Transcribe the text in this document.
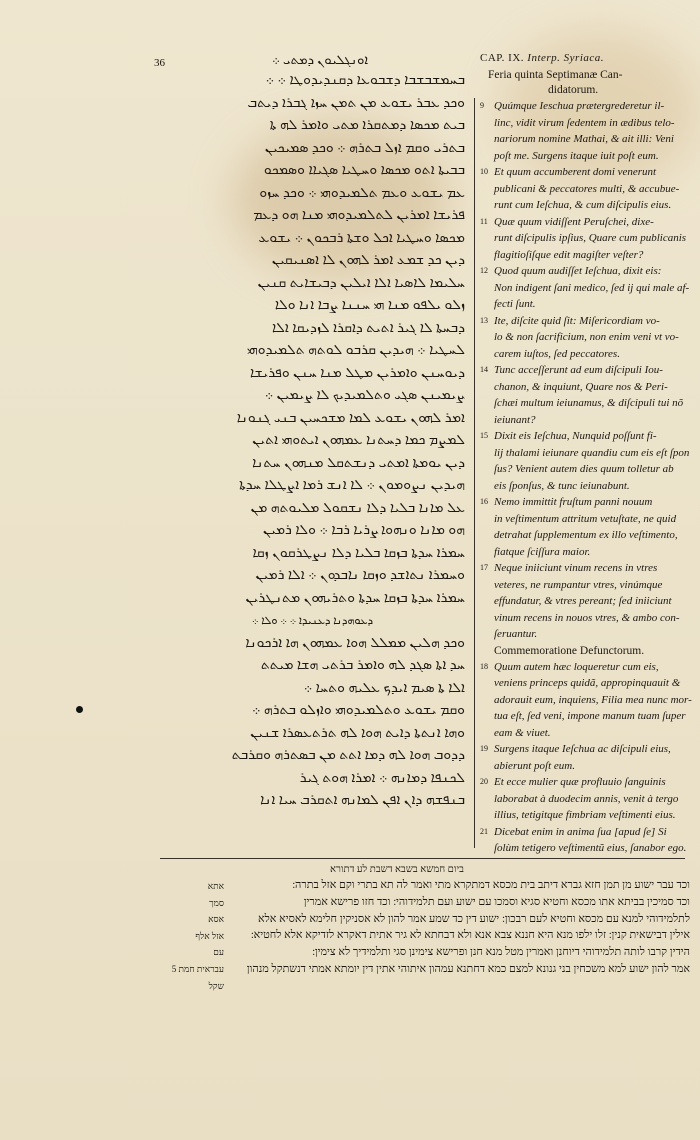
36	ܐܘܢܓܠܝܘܢ ܕܡܬܝ ܀
ܒܚܡܫܒܫܒܐ ܕܫܒܘܥܐ ܕܩܢܕܝܕܘܛܐ ܀ ܀
ܘܟܕ ܥܒܪ ܝܫܘܥ ܡܢ ܬܡܢ ܚܙܐ ܓܒܪܐ ܕܝܬܒ
ܒܝܬ ܡܟܣܐ ܕܡܬܩܪܐ ܡܬܝ ܘܐܡܪ ܠܗ ܬܐ
ܒܬܪܝ ܘܩܡ ܐܙܠ ܒܬܪܗ ܀ ܘܟܕ ܣܡܝܟܝܢ
ܒܒܝܬܐ ܐܬܘ ܡܟܣܐ ܘܚܛܝܐ ܣܓܝܐܐ ܘܣܡܟܘ
ܥܡ ܝܫܘܥ ܘܥܡ ܬܠܡܝܕܘܗܝ ܀ ܘܟܕ ܚܙܘ
ܦܪܝܫܐ ܐܡܪܝܢ ܠܬܠܡܝܕܘܗܝ ܡܢܐ ܗܘ ܕܥܡ
ܡܟܣܐ ܘܚܛܝܐ ܐܟܠ ܘܫܬܐ ܪܒܟܘܢ ܀ ܝܫܘܥ
ܕܝܢ ܟܕ ܫܡܥ ܐܡܪ ܠܗܘܢ ܠܐ ܐܣܢܝܩܝܢ
ܚܠܝܡܐ ܠܐܣܝܐ ܐܠܐ ܐܝܠܝܢ ܕܒܝܫܐܝܬ ܩܢܝܢ
ܙܠܘ ܝܠܦܘ ܡܢܐ ܗܝ ܚܢܢܐ ܨܒܐ ܐܢܐ ܘܠܐ
ܕܒܚܬܐ ܠܐ ܓܝܪ ܐܬܝܬ ܕܐܩܪܐ ܠܙܕܝܩܐ ܐܠܐ
ܠܚܛܝܐ ܀ ܗܝܕܝܢ ܩܪܒܘ ܠܘܬܗ ܬܠܡܝܕܘܗܝ
ܕܝܘܚܢܢ ܘܐܡܪܝܢ ܡܛܠ ܡܢܐ ܚܢܢ ܘܦܪܝܫܐ
ܨܝܡܝܢܢ ܣܓܝ ܘܬܠܡܝܕܝܟ ܠܐ ܨܝܡܝܢ ܀
ܐܡܪ ܠܗܘܢ ܝܫܘܥ ܠܡܐ ܡܫܟܚܝܢ ܒܢܝ ܓܢܘܢܐ
ܠܡܨܡ ܟܡܐ ܕܚܬܢܐ ܥܡܗܘܢ ܐܝܬܘܗܝ ܐܬܝܢ
ܕܝܢ ܝܘܡܬܐ ܐܡܬܝ ܕܢܫܬܩܠ ܡܢܗܘܢ ܚܬܢܐ
ܗܝܕܝܢ ܢܨܘܡܘܢ ܀ ܠܐ ܐܢܫ ܪܡܐ ܐܨܛܠܐ ܚܕܬܐ
ܥܠ ܡܐܢܐ ܒܠܝܐ ܕܠܐ ܢܫܩܘܠ ܡܠܝܘܬܗ ܡܢ
ܗܘ ܡܐܢܐ ܘܢܗܘܐ ܨܪܝܐ ܪܒܐ ܀ ܘܠܐ ܪܡܝܢ
ܚܡܪܐ ܚܕܬܐ ܒܙܩܐ ܒܠܝܐ ܕܠܐ ܢܨܛܪܩܘܢ ܙܩܐ
ܘܚܡܪܐ ܢܬܐܫܕ ܘܙܩܐ ܢܐܒܕܘܢ ܀ ܐܠܐ ܪܡܝܢ
ܚܡܪܐ ܚܕܬܐ ܒܙܩܐ ܚܕܬܐ ܘܬܪܝܗܘܢ ܡܬܢܛܪܝܢ
ܕܥܘܗܕܢܐ ܕܥܢܝܕܐ ܀ ܀ ܘܠܐ ܀
ܘܟܕ ܗܠܝܢ ܡܡܠܠ ܗܘܐ ܥܡܗܘܢ ܗܐ ܐܪܟܘܢܐ
ܚܕ ܐܬܐ ܣܓܕ ܠܗ ܘܐܡܪ ܒܪܬܝ ܗܫܐ ܡܝܬܬ
ܐܠܐ ܬܐ ܣܝܡ ܐܝܕܟ ܥܠܝܗ ܘܬܚܐ ܀
ܘܩܡ ܝܫܘܥ ܘܬܠܡܝܕܘܗܝ ܘܐܙܠܘ ܒܬܪܗ ܀
ܘܗܐ ܐܢܬܬܐ ܕܐܝܬ ܗܘܐ ܠܗ ܬܪܬܥܣܪܐ ܫܢܝܢ
ܕܕܘܒ ܗܘܐ ܠܗ ܕܡܐ ܐܬܬ ܡܢ ܒܣܬܪܗ ܘܩܪܒܬ
ܠܟܢܦܐ ܕܡܐܢܗ ܀ ܐܡܪܐ ܗܘܬ ܓܝܪ
ܒܢܦܫܗ ܕܐܢ ܐܦܢ ܠܡܐܢܗ ܐܬܩܪܒ ܚܝܐ ܐܢܐ
CAP. IX. Interp. Syriaca.
Feria quinta Septimanæ Can-
didatorum.
9 Quúmque Ieschua prætergrederetur il-
linc, vidit virum ſedentem in ædibus telo-
nariorum nomine Mathai, & ait illi: Veni
poſt me. Surgens itaque iuit poſt eum.
10 Et quum accumberent domi venerunt
publicani & peccatores multi, & accubue-
runt cum Ieſchua, & cum diſcipulis eius.
11 Quæ quum vidiſſent Peruſchei, dixe-
runt diſcipulis ipſius, Quare cum publicanis
flagitioſiſque edit magiſter veſter?
12 Quod quum audiſſet Ieſchua, dixit eis:
Non indigent ſani medico, ſed ij qui male af-
fecti ſunt.
13 Ite, diſcite quid ſit: Miſericordiam vo-
lo & non ſacrificium, non enim veni vt vo-
carem iuſtos, ſed peccatores.
14 Tunc acceſſerunt ad eum diſcipuli Iou-
chanon, & inquiunt, Quare nos & Peri-
ſchæi multum ieiunamus, & diſcipuli tui nõ
ieiunant?
15 Dixit eis Ieſchua, Nunquid poſſunt fi-
lij thalami ieiunare quandiu cum eis eſt ſpon
ſus? Venient autem dies quum tolletur ab
eis ſponſus, & tunc ieiunabunt.
16 Nemo immittit fruſtum panni nouum
in veſtimentum attritum vetuſtate, ne quid
detrahat ſupplementum ex illo veſtimento,
fiatque ſciſſura maior.
17 Neque iniiciunt vinum recens in vtres
veteres, ne rumpantur vtres, vinúmque
effundatur, & vtres pereant; ſed iniiciunt
vinum recens in nouos vtres, & ambo con-
ſeruantur.
Commemoratione Defunctorum.
18 Quum autem hæc loqueretur cum eis,
veniens princeps quidã, appropinquauit &
adorauit eum, inquiens, Filia mea nunc mor-
tua eſt, ſed veni, impone manum tuam ſuper
eam & viuet.
19 Surgens itaque Ieſchua ac diſcipuli eius,
abierunt poſt eum.
20 Et ecce mulier quæ profluuio ſanguinis
laborabat à duodecim annis, venit à tergo
illius, tetigitque fimbriam veſtimenti eius.
21 Dicebat enim in anima ſua [apud ſe] Si
ſolùm tetigero veſtimentũ eius, ſanabor ego.
ביום חמשא בשבא דשבת לע דתורא
אתא
סמך
אסא
אזל אלף
עם
5 עבראית חמת
שקל
וכד עבר ישוע מן תמן חזא גברא דיתב בית מכסא דמתקרא מתי ואמר לה תא בתרי וקם אזל בתרה ׃
וכד סמיכין בביתא אתו מכסא וחטיא סגיא וסמכו עם ישוע ועם תלמידוהי ׃ וכד חזו פרישא אמרין
לתלמידוהי למנא עם מכסא וחטיא לעם רבכון ׃ ישוע דין כד שמע אמר להון לא אסניקין חלימא לאסיא אלא
אילין דבישאית קנין ׃ זלו ילפו מנא היא חננא צבא אנא ולא דבחתא לא גיר אתית דאקרא לזדיקא אלא לחטיא ׃
הידין קרבו לותה תלמידוהי דיוחנן ואמרין מטל מנא חנן ופרישא צימינן סגי ותלמידיך לא צימין ׃
אמר להון ישוע למא משכחין בני גנונא למצם כמא דחתנא עמהון איתוהי אתין דין יומתא אמתי דנשתקל מנהון
